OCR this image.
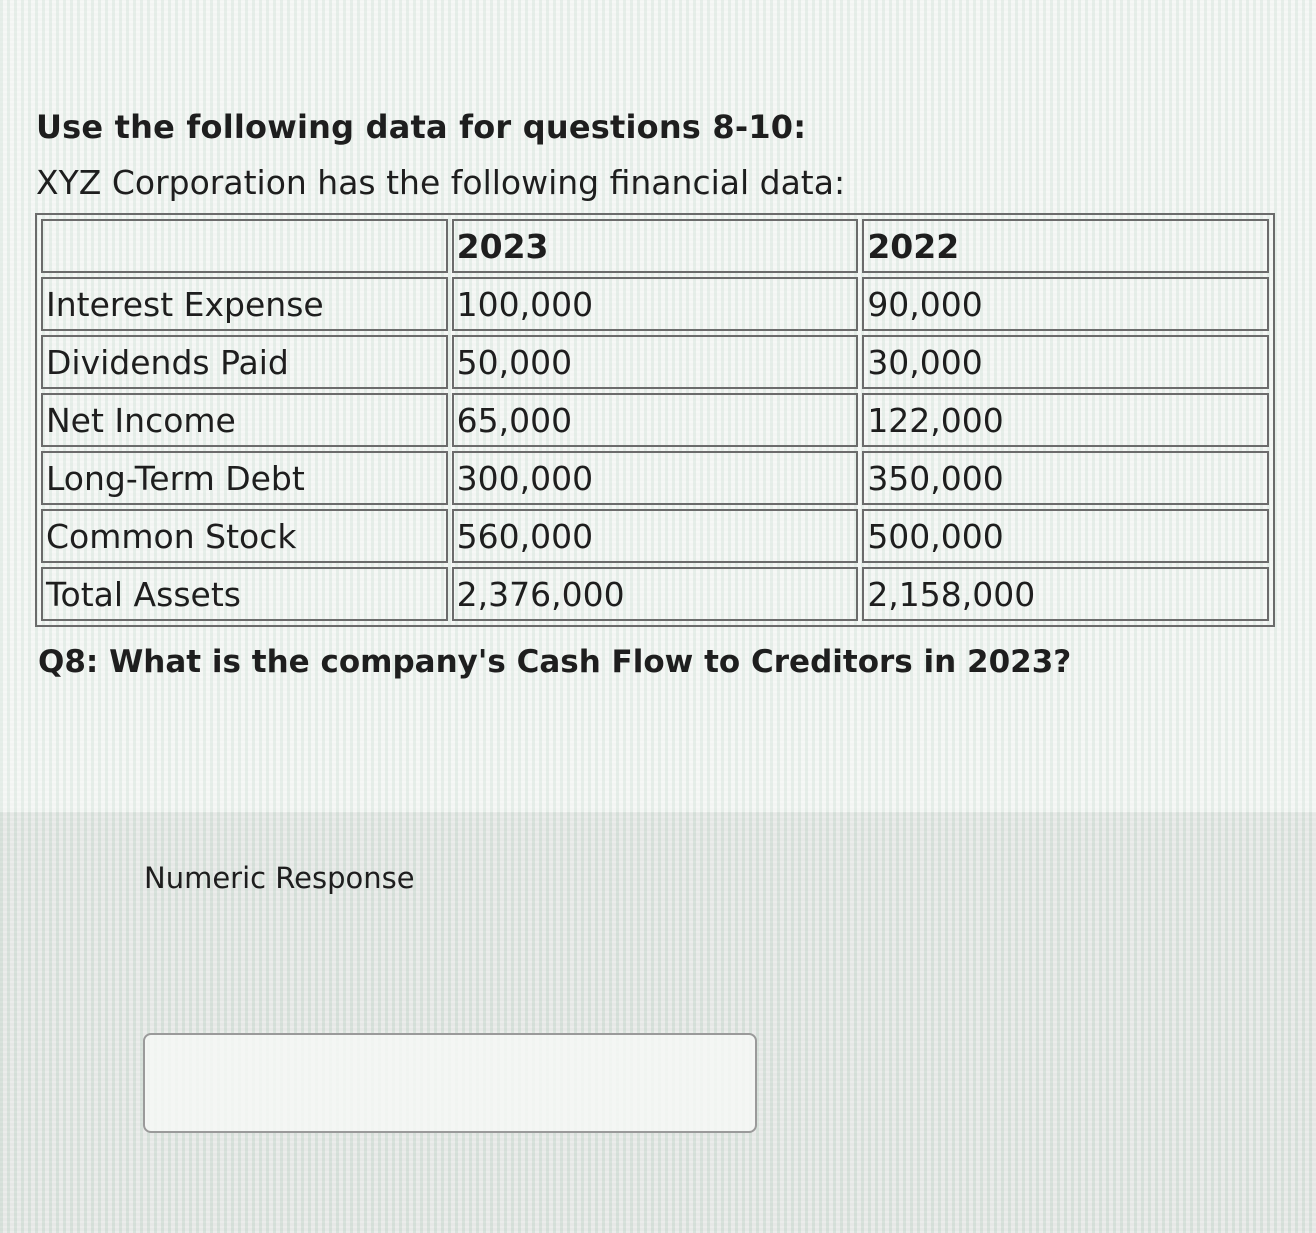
Use the following data for questions 8-10:
XYZ Corporation has the following financial data:
	2023	2022
Interest Expense	100,000	90,000
Dividends Paid	50,000	30,000
Net Income	65,000	122,000
Long-Term Debt	300,000	350,000
Common Stock	560,000	500,000
Total Assets	2,376,000	2,158,000
Q8: What is the company's Cash Flow to Creditors in 2023?
Numeric Response
